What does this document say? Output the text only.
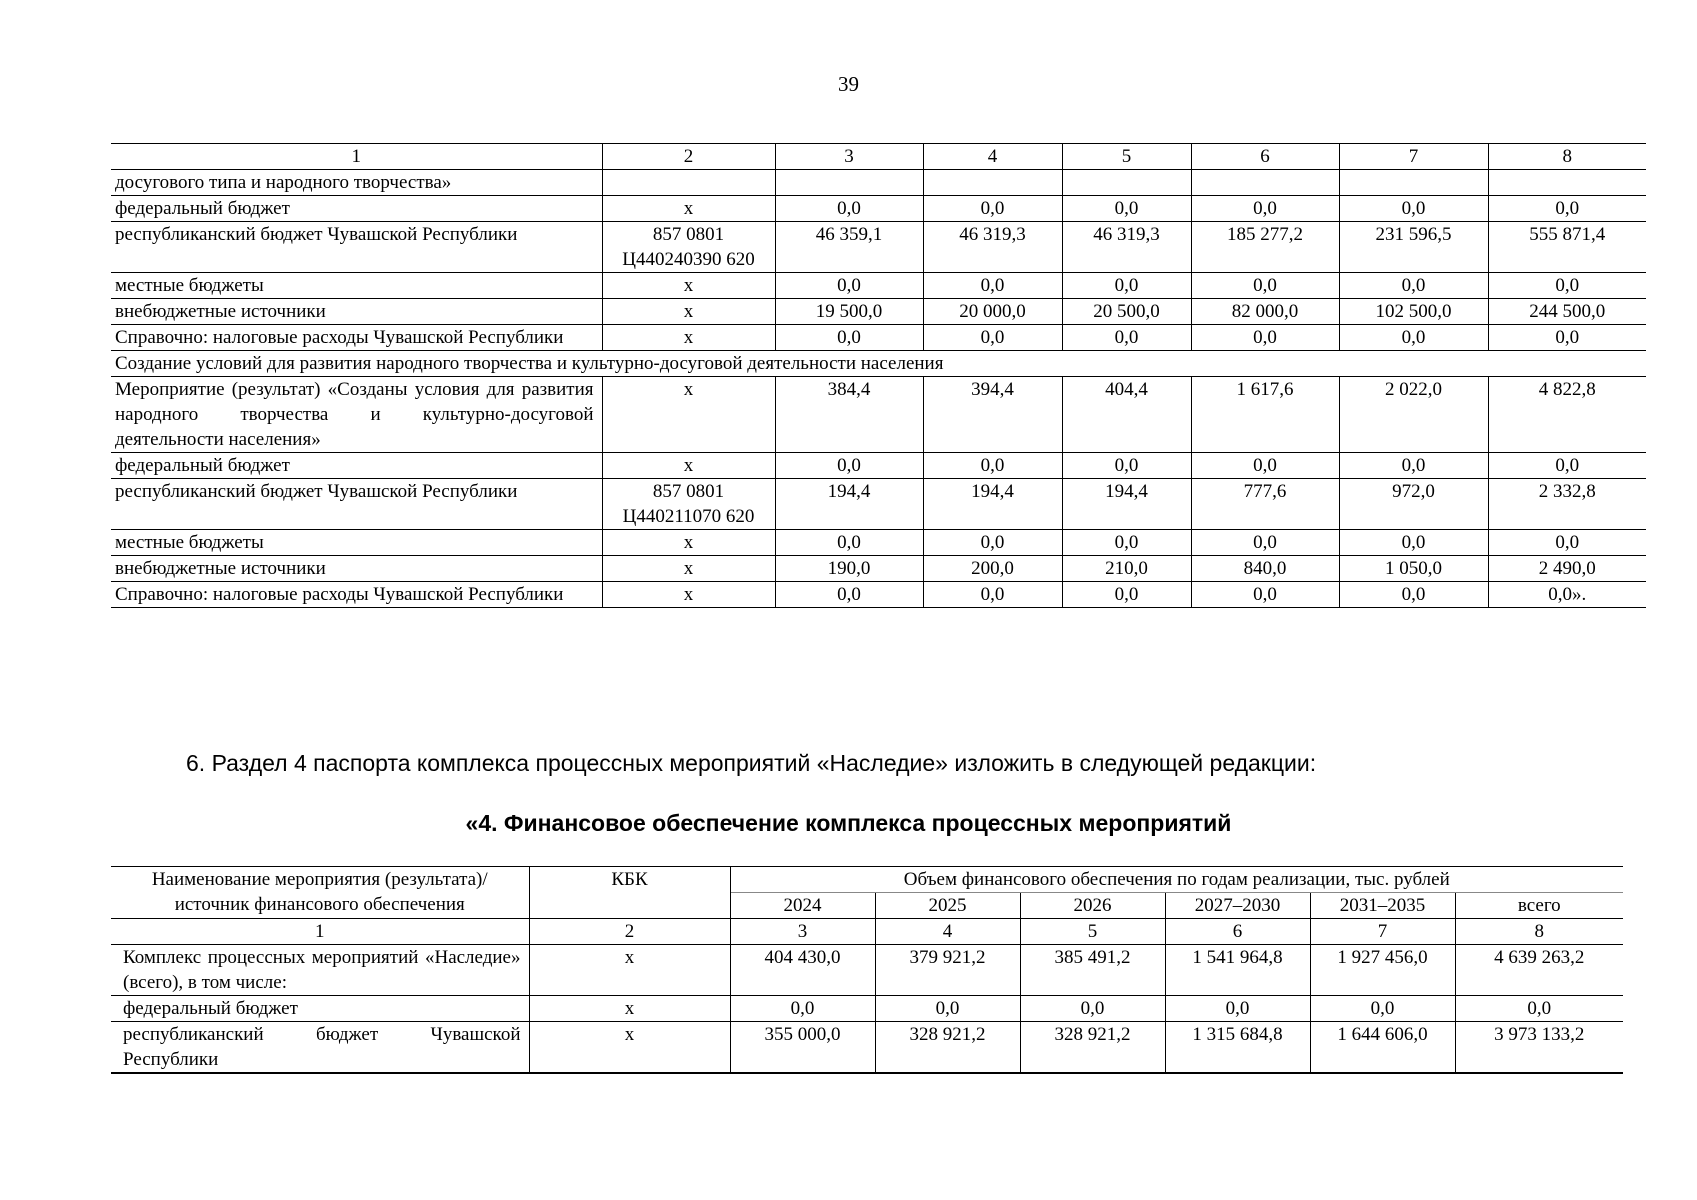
39
1	2	3	4	5	6	7	8
досугового типа и народного творчества»							
федеральный бюджет	x	0,0	0,0	0,0	0,0	0,0	0,0
республиканский бюджет Чувашской Республики	857 0801 Ц440240390 620	46 359,1	46 319,3	46 319,3	185 277,2	231 596,5	555 871,4
местные бюджеты	x	0,0	0,0	0,0	0,0	0,0	0,0
внебюджетные источники	x	19 500,0	20 000,0	20 500,0	82 000,0	102 500,0	244 500,0
Справочно: налоговые расходы Чувашской Республики	x	0,0	0,0	0,0	0,0	0,0	0,0
Создание условий для развития народного творчества и культурно-досуговой деятельности населения							
Мероприятие (результат) «Созданы условия для развития народного творчества и культурно-досуговой деятельности населения»	x	384,4	394,4	404,4	1 617,6	2 022,0	4 822,8
федеральный бюджет	x	0,0	0,0	0,0	0,0	0,0	0,0
республиканский бюджет Чувашской Республики	857 0801 Ц440211070 620	194,4	194,4	194,4	777,6	972,0	2 332,8
местные бюджеты	x	0,0	0,0	0,0	0,0	0,0	0,0
внебюджетные источники	x	190,0	200,0	210,0	840,0	1 050,0	2 490,0
Справочно: налоговые расходы Чувашской Республики	x	0,0	0,0	0,0	0,0	0,0	0,0».
6. Раздел 4 паспорта комплекса процессных мероприятий «Наследие» изложить в следующей редакции:
«4. Финансовое обеспечение комплекса процессных мероприятий
Наименование мероприятия (результата)/источник финансового обеспечения	КБК	Объем финансового обеспечения по годам реализации, тыс. рублей					
		2024	2025	2026	2027–2030	2031–2035	всего
1	2	3	4	5	6	7	8
Комплекс процессных мероприятий «Наследие» (всего), в том числе:	x	404 430,0	379 921,2	385 491,2	1 541 964,8	1 927 456,0	4 639 263,2
федеральный бюджет	x	0,0	0,0	0,0	0,0	0,0	0,0
республиканский бюджет Чувашской Республики	x	355 000,0	328 921,2	328 921,2	1 315 684,8	1 644 606,0	3 973 133,2
